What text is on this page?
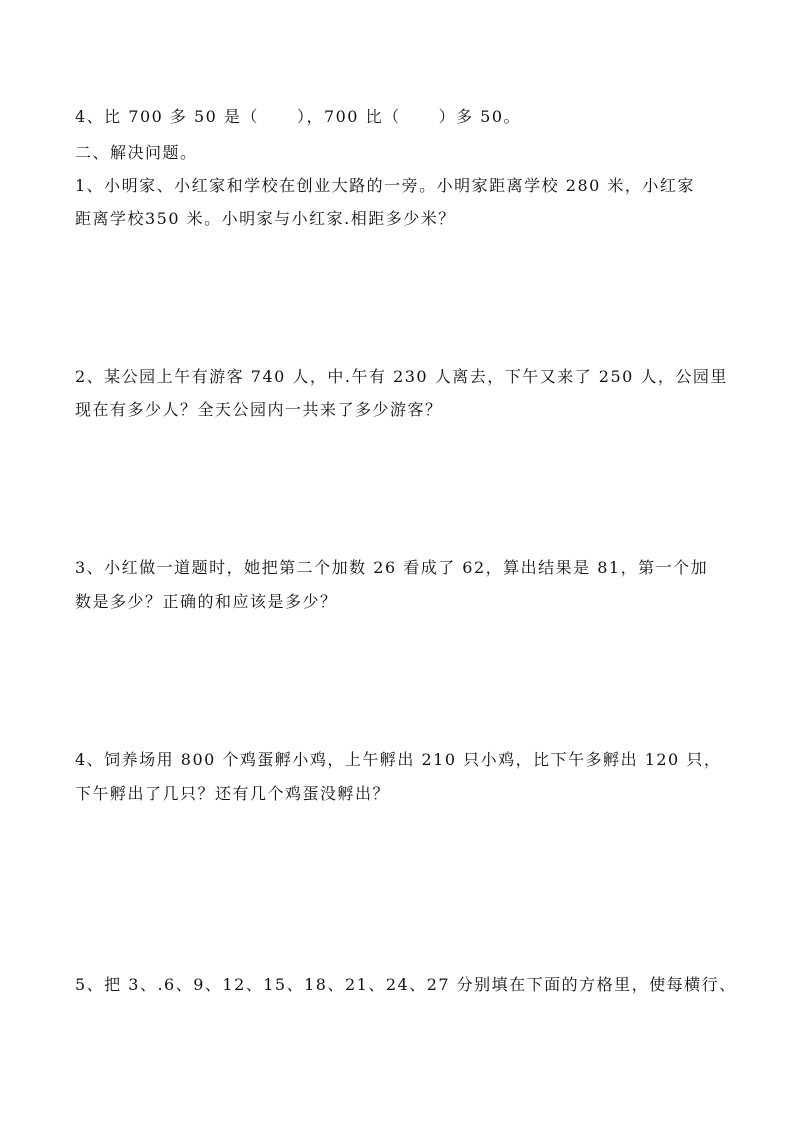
4、比 700 多 50 是（ ），700 比（ ）多 50。
二、解决问题。
1、小明家、小红家和学校在创业大路的一旁。小明家距离学校 280 米，小红家
距离学校350 米。小明家与小红家.相距多少米？
2、某公园上午有游客 740 人，中.午有 230 人离去，下午又来了 250 人，公园里
现在有多少人？全天公园内一共来了多少游客？
3、小红做一道题时，她把第二个加数 26 看成了 62，算出结果是 81，第一个加
数是多少？正确的和应该是多少？
4、饲养场用 800 个鸡蛋孵小鸡，上午孵出 210 只小鸡，比下午多孵出 120 只，
下午孵出了几只？还有几个鸡蛋没孵出？
5、把 3、.6、9、12、15、18、21、24、27 分别填在下面的方格里，使每横行、
